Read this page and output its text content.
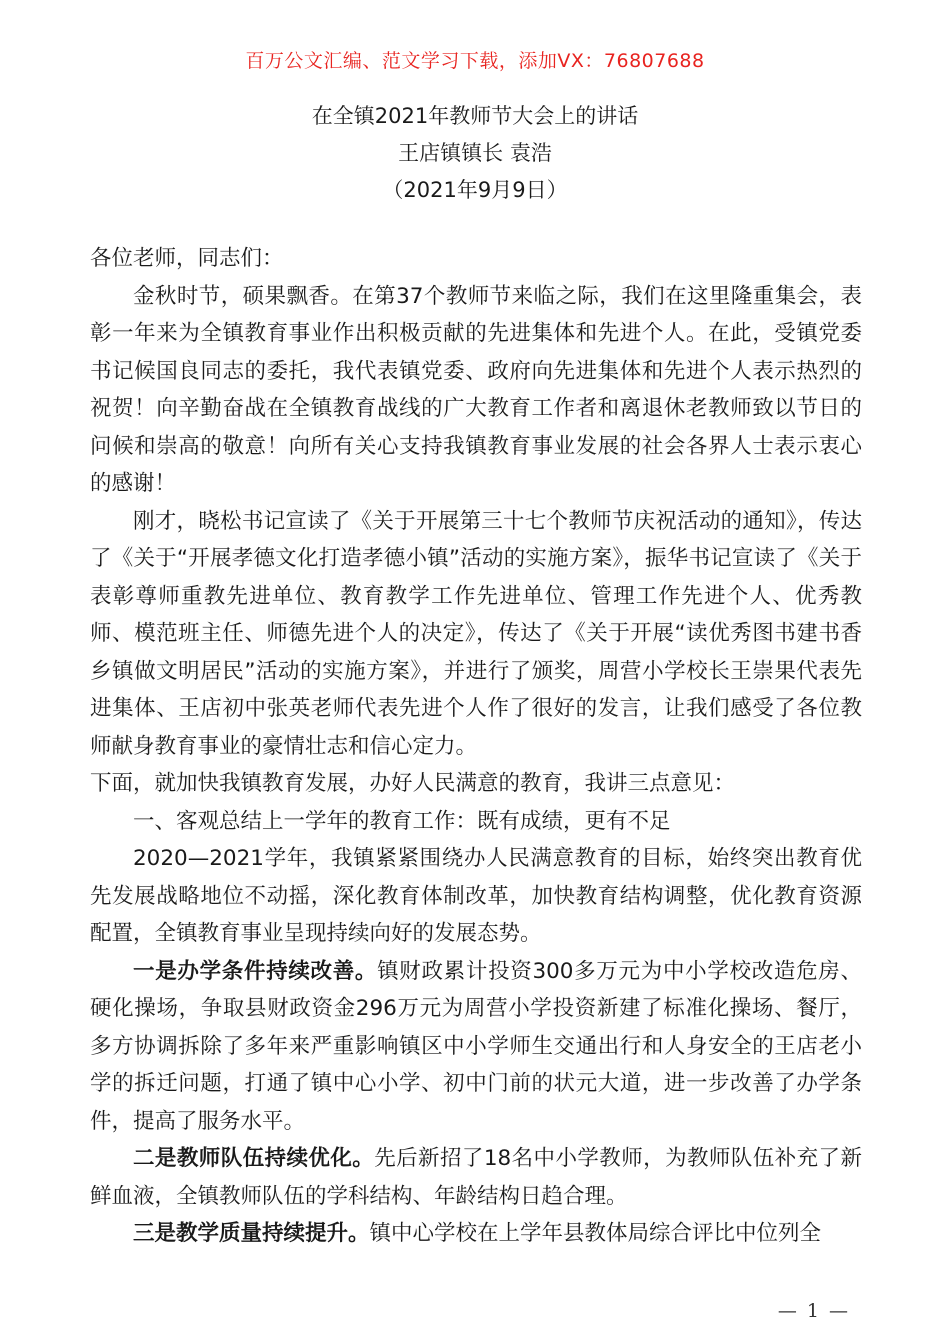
百万公文汇编、范文学习下载，添加VX：76807688
在全镇2021年教师节大会上的讲话
王店镇镇长 袁浩
（2021年9月9日）

各位老师，同志们：

金秋时节，硕果飘香。在第37个教师节来临之际，我们在这里隆重集会，表彰一年来为全镇教育事业作出积极贡献的先进集体和先进个人。在此，受镇党委书记候国良同志的委托，我代表镇党委、政府向先进集体和先进个人表示热烈的祝贺！向辛勤奋战在全镇教育战线的广大教育工作者和离退休老教师致以节日的问候和崇高的敬意！向所有关心支持我镇教育事业发展的社会各界人士表示衷心的感谢！

刚才，晓松书记宣读了《关于开展第三十七个教师节庆祝活动的通知》，传达了《关于“开展孝德文化打造孝德小镇”活动的实施方案》，振华书记宣读了《关于表彰尊师重教先进单位、教育教学工作先进单位、管理工作先进个人、优秀教师、模范班主任、师德先进个人的决定》，传达了《关于开展“读优秀图书建书香乡镇做文明居民”活动的实施方案》，并进行了颁奖，周营小学校长王崇果代表先进集体、王店初中张英老师代表先进个人作了很好的发言，让我们感受了各位教师献身教育事业的豪情壮志和信心定力。

下面，就加快我镇教育发展，办好人民满意的教育，我讲三点意见：

一、客观总结上一学年的教育工作：既有成绩，更有不足

2020—2021学年，我镇紧紧围绕办人民满意教育的目标，始终突出教育优先发展战略地位不动摇，深化教育体制改革，加快教育结构调整，优化教育资源配置，全镇教育事业呈现持续向好的发展态势。

一是办学条件持续改善。镇财政累计投资300多万元为中小学校改造危房、硬化操场，争取县财政资金296万元为周营小学投资新建了标准化操场、餐厅，多方协调拆除了多年来严重影响镇区中小学师生交通出行和人身安全的王店老小学的拆迁问题，打通了镇中心小学、初中门前的状元大道，进一步改善了办学条件，提高了服务水平。

二是教师队伍持续优化。先后新招了18名中小学教师，为教师队伍补充了新鲜血液，全镇教师队伍的学科结构、年龄结构日趋合理。

三是教学质量持续提升。镇中心学校在上学年县教体局综合评比中位列全

— 1 —
